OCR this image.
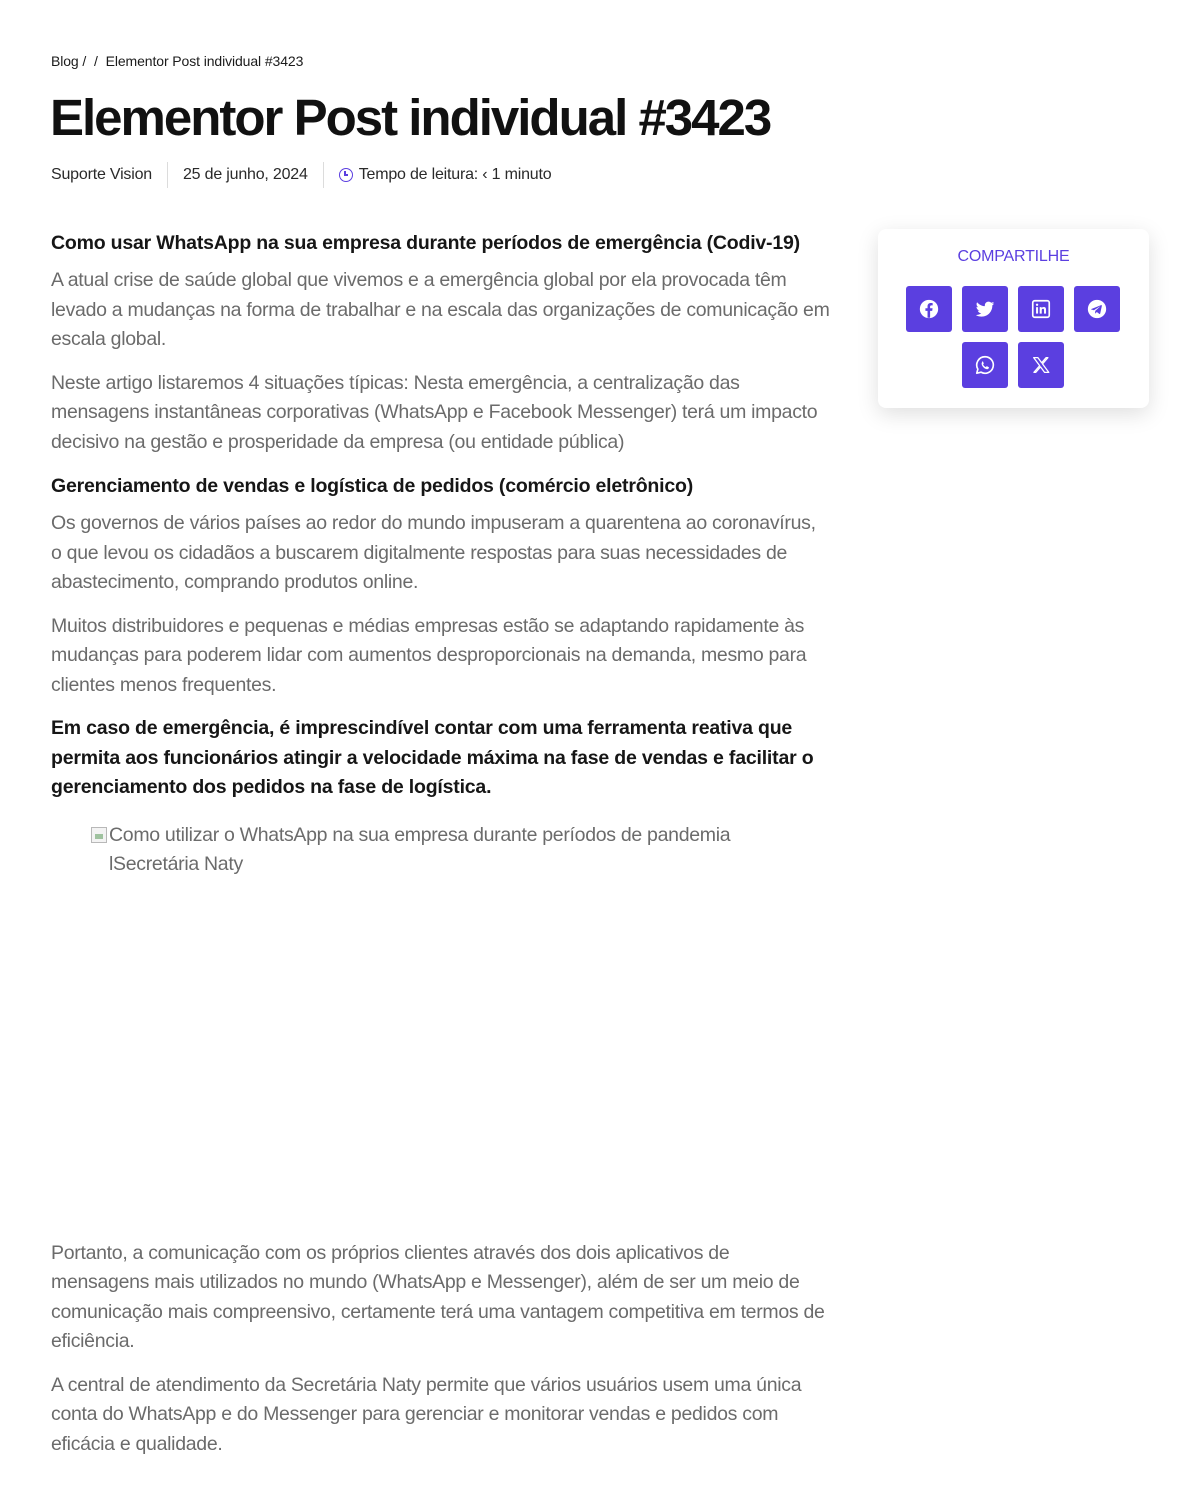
Blog / / Elementor Post individual #3423
Elementor Post individual #3423
Suporte Vision 25 de junho, 2024	Tempo de leitura: ‹ 1 minuto
Como usar WhatsApp na sua empresa durante períodos de emergência (Codiv-19)

A atual crise de saúde global que vivemos e a emergência global por ela provocada têm levado a mudanças na forma de trabalhar e na escala das organizações de comunicação em escala global.

Neste artigo listaremos 4 situações típicas: Nesta emergência, a centralização das mensagens instantâneas corporativas (WhatsApp e Facebook Messenger) terá um impacto decisivo na gestão e prosperidade da empresa (ou entidade pública)

Gerenciamento de vendas e logística de pedidos (comércio eletrônico)

Os governos de vários países ao redor do mundo impuseram a quarentena ao coronavírus, o que levou os cidadãos a buscarem digitalmente respostas para suas necessidades de abastecimento, comprando produtos online.

Muitos distribuidores e pequenas e médias empresas estão se adaptando rapidamente às mudanças para poderem lidar com aumentos desproporcionais na demanda, mesmo para clientes menos frequentes.

Em caso de emergência, é imprescindível contar com uma ferramenta reativa que permita aos funcionários atingir a velocidade máxima na fase de vendas e facilitar o gerenciamento dos pedidos na fase de logística.

Como utilizar o WhatsApp na sua empresa durante períodos de pandemia lSecretária Naty

Portanto, a comunicação com os próprios clientes através dos dois aplicativos de mensagens mais utilizados no mundo (WhatsApp e Messenger), além de ser um meio de comunicação mais compreensivo, certamente terá uma vantagem competitiva em termos de eficiência.

A central de atendimento da Secretária Naty permite que vários usuários usem uma única conta do WhatsApp e do Messenger para gerenciar e monitorar vendas e pedidos com eficácia e qualidade.

COMPARTILHE
